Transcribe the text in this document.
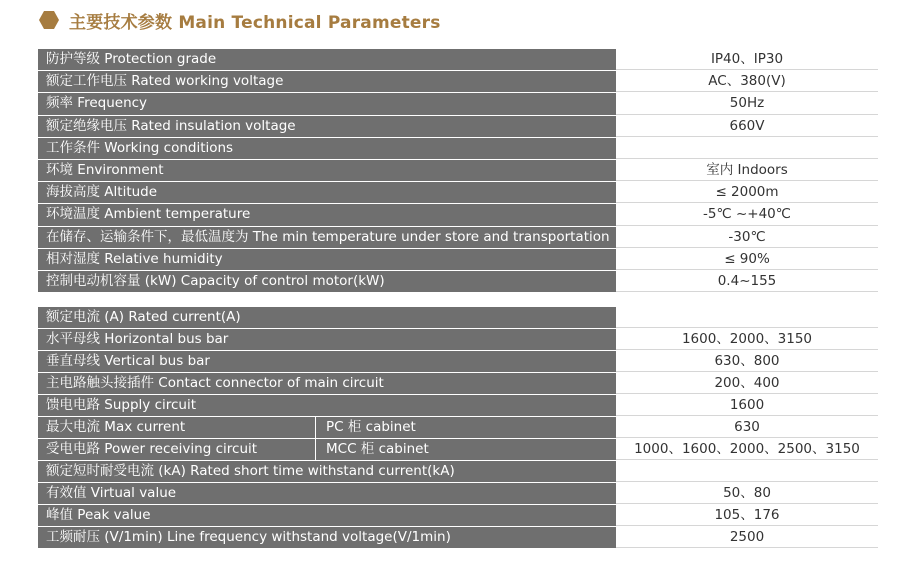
主要技术参数 Main Technical Parameters
防护等级 Protection grade	IP40、IP30
额定工作电压 Rated working voltage	AC、380(V)
频率 Frequency	50Hz
额定绝缘电压 Rated insulation voltage	660V
工作条件 Working conditions
环境 Environment	室内 Indoors
海拔高度 Altitude	≤ 2000m
环境温度 Ambient temperature	-5℃ ~+40℃
在储存、运输条件下，最低温度为 The min temperature under store and transportation	-30℃
相对湿度 Relative humidity	≤ 90%
控制电动机容量 (kW) Capacity of control motor(kW)	0.4~155
额定电流 (A) Rated current(A)
水平母线 Horizontal bus bar	1600、2000、3150
垂直母线 Vertical bus bar	630、800
主电路触头接插件 Contact connector of main circuit	200、400
馈电电路 Supply circuit	1600
最大电流 Max current	PC 柜 cabinet	630
受电电路 Power receiving circuit	MCC 柜 cabinet	1000、1600、2000、2500、3150
额定短时耐受电流 (kA) Rated short time withstand current(kA)
有效值 Virtual value	50、80
峰值 Peak value	105、176
工频耐压 (V/1min) Line frequency withstand voltage(V/1min)	2500
